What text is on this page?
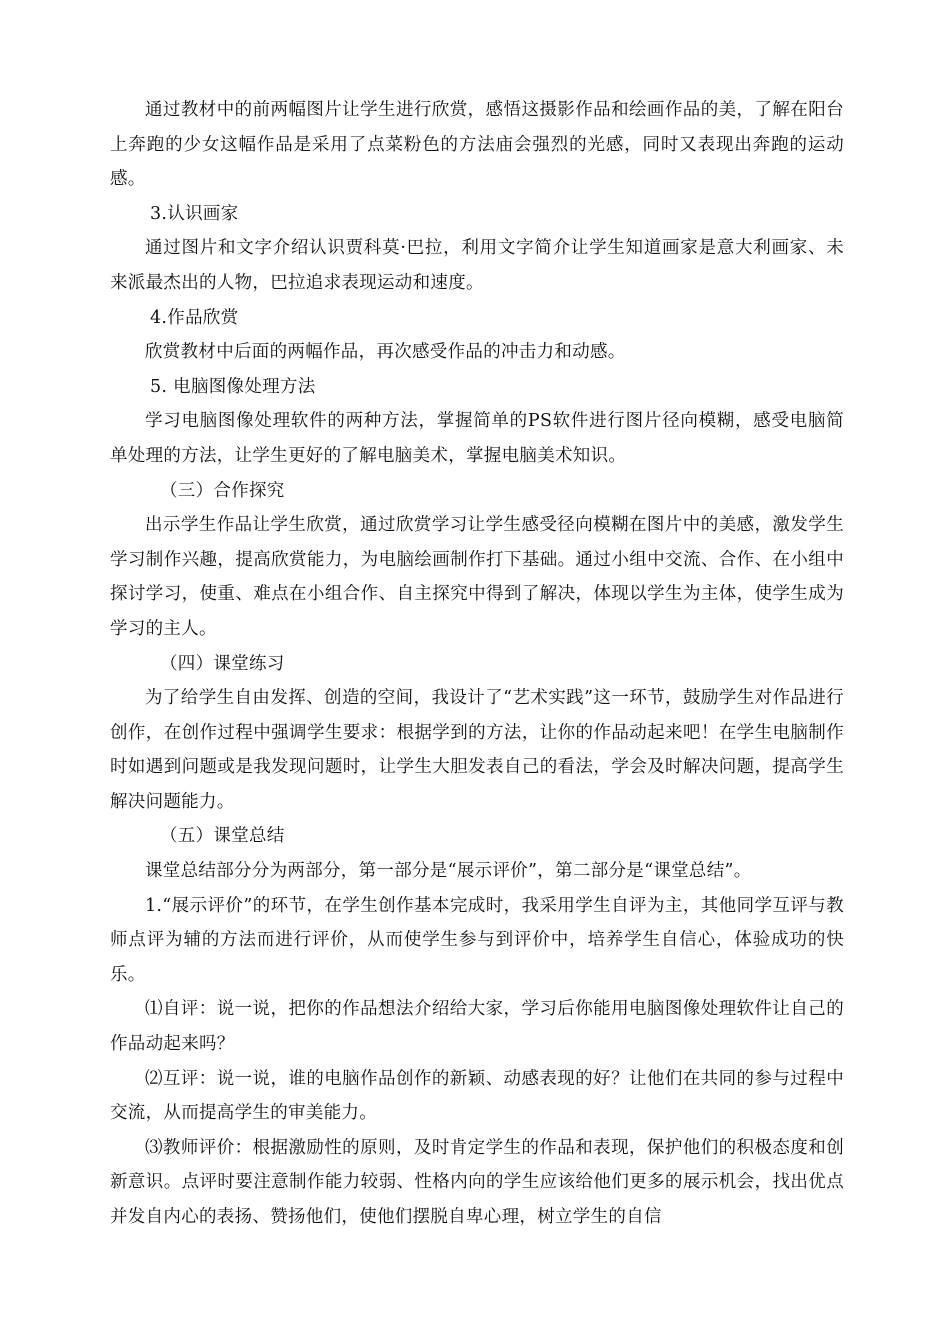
通过教材中的前两幅图片让学生进行欣赏，感悟这摄影作品和绘画作品的美，了解在阳台上奔跑的少女这幅作品是采用了点菜粉色的方法庙会强烈的光感，同时又表现出奔跑的运动感。

3.认识画家

通过图片和文字介绍认识贾科莫·巴拉，利用文字简介让学生知道画家是意大利画家、未来派最杰出的人物，巴拉追求表现运动和速度。

4.作品欣赏

欣赏教材中后面的两幅作品，再次感受作品的冲击力和动感。

5. 电脑图像处理方法

学习电脑图像处理软件的两种方法，掌握简单的PS软件进行图片径向模糊，感受电脑简单处理的方法，让学生更好的了解电脑美术，掌握电脑美术知识。

（三）合作探究

出示学生作品让学生欣赏，通过欣赏学习让学生感受径向模糊在图片中的美感，激发学生学习制作兴趣，提高欣赏能力，为电脑绘画制作打下基础。通过小组中交流、合作、在小组中探讨学习，使重、难点在小组合作、自主探究中得到了解决，体现以学生为主体，使学生成为学习的主人。

（四）课堂练习

为了给学生自由发挥、创造的空间，我设计了“艺术实践”这一环节，鼓励学生对作品进行创作，在创作过程中强调学生要求：根据学到的方法，让你的作品动起来吧！在学生电脑制作时如遇到问题或是我发现问题时，让学生大胆发表自己的看法，学会及时解决问题，提高学生解决问题能力。

（五）课堂总结

课堂总结部分分为两部分，第一部分是“展示评价”，第二部分是“课堂总结”。

1.“展示评价”的环节，在学生创作基本完成时，我采用学生自评为主，其他同学互评与教师点评为辅的方法而进行评价，从而使学生参与到评价中，培养学生自信心，体验成功的快乐。

⑴自评：说一说，把你的作品想法介绍给大家，学习后你能用电脑图像处理软件让自己的作品动起来吗？

⑵互评：说一说，谁的电脑作品创作的新颖、动感表现的好？让他们在共同的参与过程中交流，从而提高学生的审美能力。

⑶教师评价：根据激励性的原则，及时肯定学生的作品和表现，保护他们的积极态度和创新意识。点评时要注意制作能力较弱、性格内向的学生应该给他们更多的展示机会，找出优点并发自内心的表扬、赞扬他们，使他们摆脱自卑心理，树立学生的自信
